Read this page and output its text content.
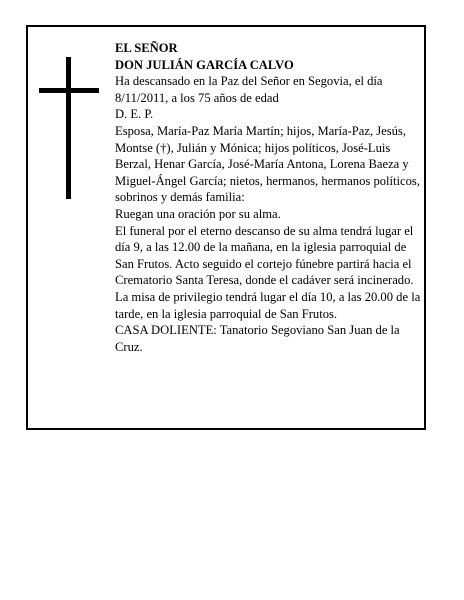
EL SEÑOR

DON JULIÁN GARCÍA CALVO

Ha descansado en la Paz del Señor en Segovia, el día 8/11/2011, a los 75 años de edad

D. E. P.

Esposa, María-Paz María Martín; hijos, María-Paz, Jesús, Montse (†), Julián y Mónica; hijos políticos, José-Luis Berzal, Henar García, José-María Antona, Lorena Baeza y Miguel-Ángel García; nietos, hermanos, hermanos políticos, sobrinos y demás familia:

Ruegan una oración por su alma.

El funeral por el eterno descanso de su alma tendrá lugar el día 9, a las 12.00 de la mañana, en la iglesia parroquial de San Frutos. Acto seguido el cortejo fúnebre partirá hacia el Crematorio Santa Teresa, donde el cadáver será incinerado.

La misa de privilegio tendrá lugar el día 10, a las 20.00 de la tarde, en la iglesia parroquial de San Frutos.

CASA DOLIENTE: Tanatorio Segoviano San Juan de la Cruz.
